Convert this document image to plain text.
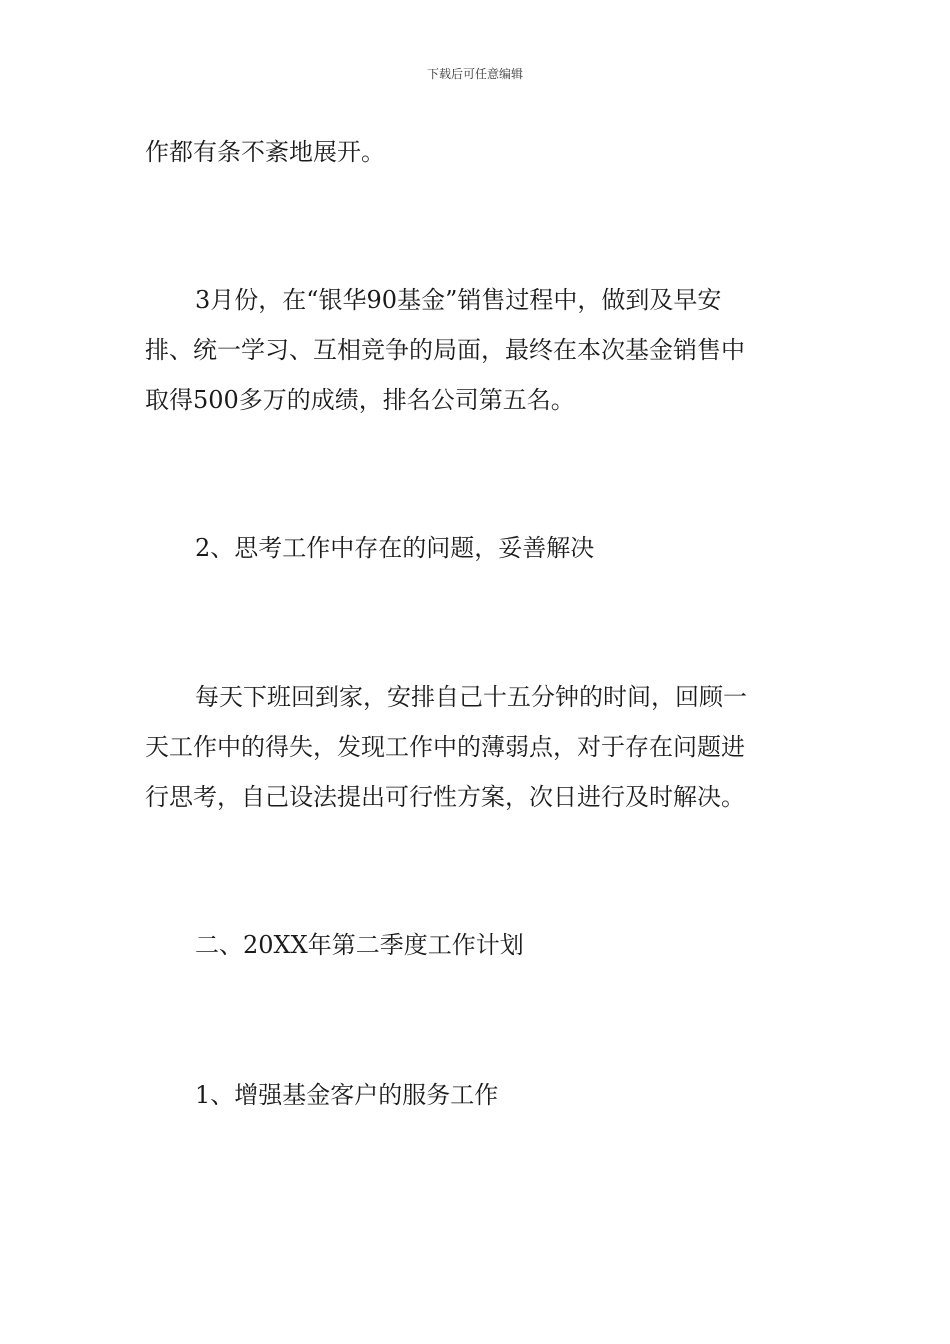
下载后可任意编辑
作都有条不紊地展开。
3月份，在“银华90基金”销售过程中，做到及早安
排、统一学习、互相竞争的局面，最终在本次基金销售中
取得500多万的成绩，排名公司第五名。
2、思考工作中存在的问题，妥善解决
每天下班回到家，安排自己十五分钟的时间，回顾一
天工作中的得失，发现工作中的薄弱点，对于存在问题进
行思考，自己设法提出可行性方案，次日进行及时解决。
二、20XX年第二季度工作计划
1、增强基金客户的服务工作
